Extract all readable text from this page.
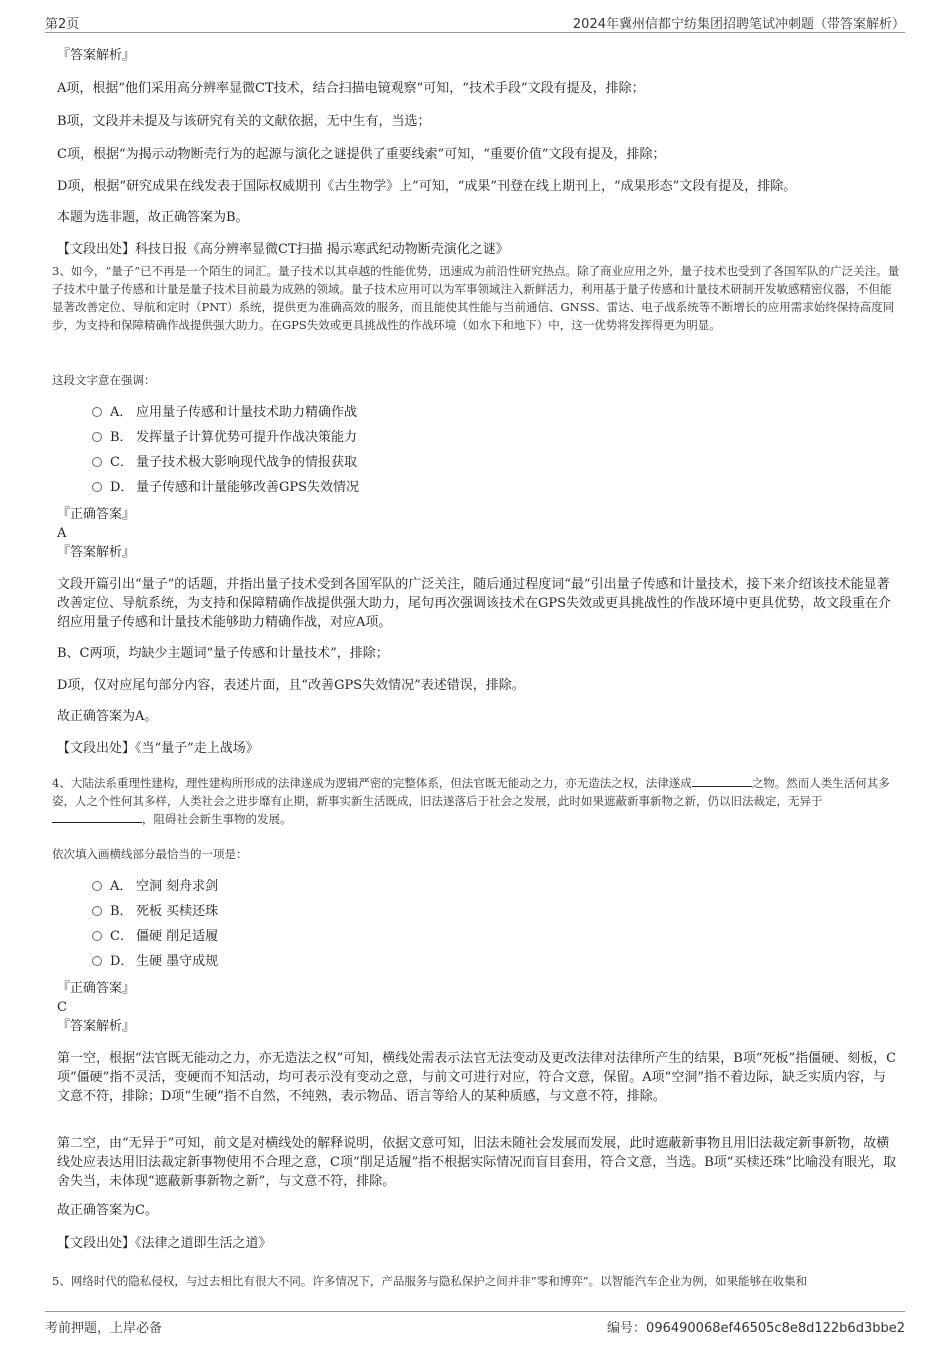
第2页	2024年冀州信都宁纺集团招聘笔试冲刺题（带答案解析）

『答案解析』

A项，根据“他们采用高分辨率显微CT技术，结合扫描电镜观察”可知，“技术手段”文段有提及，排除；

B项，文段并未提及与该研究有关的文献依据，无中生有，当选；

C项，根据“为揭示动物断壳行为的起源与演化之谜提供了重要线索”可知，“重要价值”文段有提及，排除；

D项，根据“研究成果在线发表于国际权威期刊《古生物学》上”可知，“成果”刊登在线上期刊上，“成果形态”文段有提及，排除。

本题为选非题，故正确答案为B。

【文段出处】科技日报《高分辨率显微CT扫描 揭示寒武纪动物断壳演化之谜》

3、如今，“量子”已不再是一个陌生的词汇。量子技术以其卓越的性能优势，迅速成为前沿性研究热点。除了商业应用之外，量子技术也受到了各国军队的广泛关注。量子技术中量子传感和计量是量子技术目前最为成熟的领域。量子技术应用可以为军事领域注入新鲜活力，利用基于量子传感和计量技术研制开发敏感精密仪器，不但能显著改善定位、导航和定时（PNT）系统，提供更为准确高效的服务，而且能使其性能与当前通信、GNSS、雷达、电子战系统等不断增长的应用需求始终保持高度同步，为支持和保障精确作战提供强大助力。在GPS失效或更具挑战性的作战环境（如水下和地下）中，这一优势将发挥得更为明显。

这段文字意在强调：

A． 应用量子传感和计量技术助力精确作战
B． 发挥量子计算优势可提升作战决策能力
C． 量子技术极大影响现代战争的情报获取
D． 量子传感和计量能够改善GPS失效情况

『正确答案』

A

『答案解析』

文段开篇引出“量子”的话题，并指出量子技术受到各国军队的广泛关注，随后通过程度词“最”引出量子传感和计量技术，接下来介绍该技术能显著改善定位、导航系统，为支持和保障精确作战提供强大助力，尾句再次强调该技术在GPS失效或更具挑战性的作战环境中更具优势，故文段重在介绍应用量子传感和计量技术能够助力精确作战，对应A项。

B、C两项，均缺少主题词“量子传感和计量技术”，排除；

D项，仅对应尾句部分内容，表述片面，且“改善GPS失效情况”表述错误，排除。

故正确答案为A。

【文段出处】《当“量子”走上战场》

4、大陆法系重理性建构，理性建构所形成的法律遂成为逻辑严密的完整体系，但法官既无能动之力，亦无造法之权，法律遂成	之物。然而人类生活何其多姿，人之个性何其多样，人类社会之进步靡有止期，新事实新生活既成，旧法遂落后于社会之发展，此时如果遮蔽新事新物之新，仍以旧法裁定，无异于，阻碍社会新生事物的发展。

依次填入画横线部分最恰当的一项是：

A． 空洞 刻舟求剑
B． 死板 买椟还珠
C． 僵硬 削足适履
D． 生硬 墨守成规

『正确答案』

C

『答案解析』

第一空，根据“法官既无能动之力，亦无造法之权”可知，横线处需表示法官无法变动及更改法律对法律所产生的结果，B项“死板”指僵硬、刻板，C项“僵硬”指不灵活，变硬而不知活动，均可表示没有变动之意，与前文可进行对应，符合文意，保留。A项“空洞”指不着边际，缺乏实质内容，与文意不符，排除；D项“生硬”指不自然，不纯熟，表示物品、语言等给人的某种质感，与文意不符，排除。

第二空，由“无异于”可知，前文是对横线处的解释说明，依据文意可知，旧法未随社会发展而发展，此时遮蔽新事物且用旧法裁定新事新物，故横线处应表达用旧法裁定新事物使用不合理之意，C项“削足适履”指不根据实际情况而盲目套用，符合文意，当选。B项“买椟还珠”比喻没有眼光，取舍失当，未体现“遮蔽新事新物之新”，与文意不符，排除。

故正确答案为C。

【文段出处】《法律之道即生活之道》

5、网络时代的隐私侵权，与过去相比有很大不同。许多情况下，产品服务与隐私保护之间并非“零和博弈”。以智能汽车企业为例，如果能够在收集和

考前押题，上岸必备	编号：096490068ef46505c8e8d122b6d3bbe2
